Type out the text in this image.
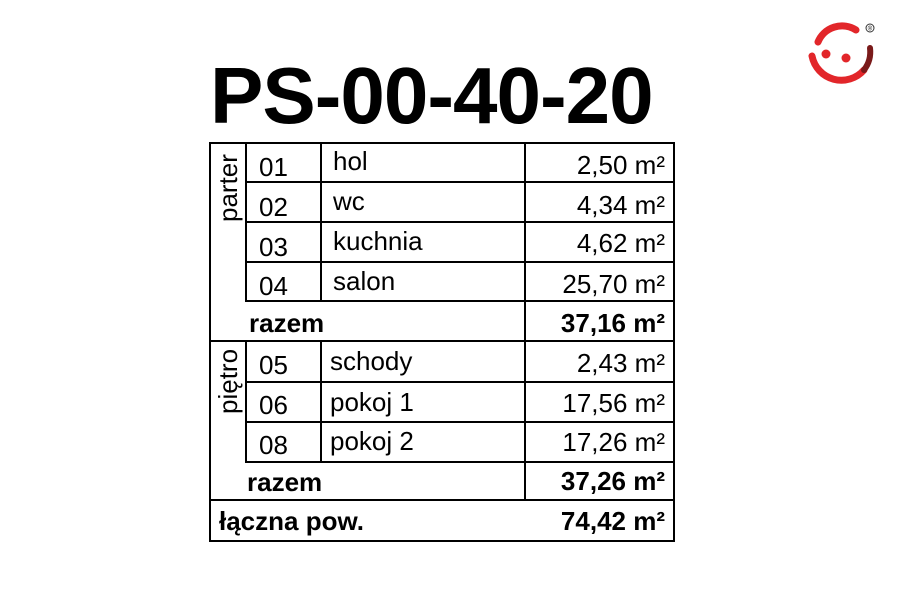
PS-00-40-20
®
parter
piętro
01 hol	2,50 m²
02 wc	4,34 m²
03 kuchnia	4,62 m²
04 salon	25,70 m²
razem	37,16 m²
05 schody	2,43 m²
06 pokoj 1	17,56 m²
08 pokoj 2	17,26 m²
razem	37,26 m²
łączna pow.	74,42 m²
